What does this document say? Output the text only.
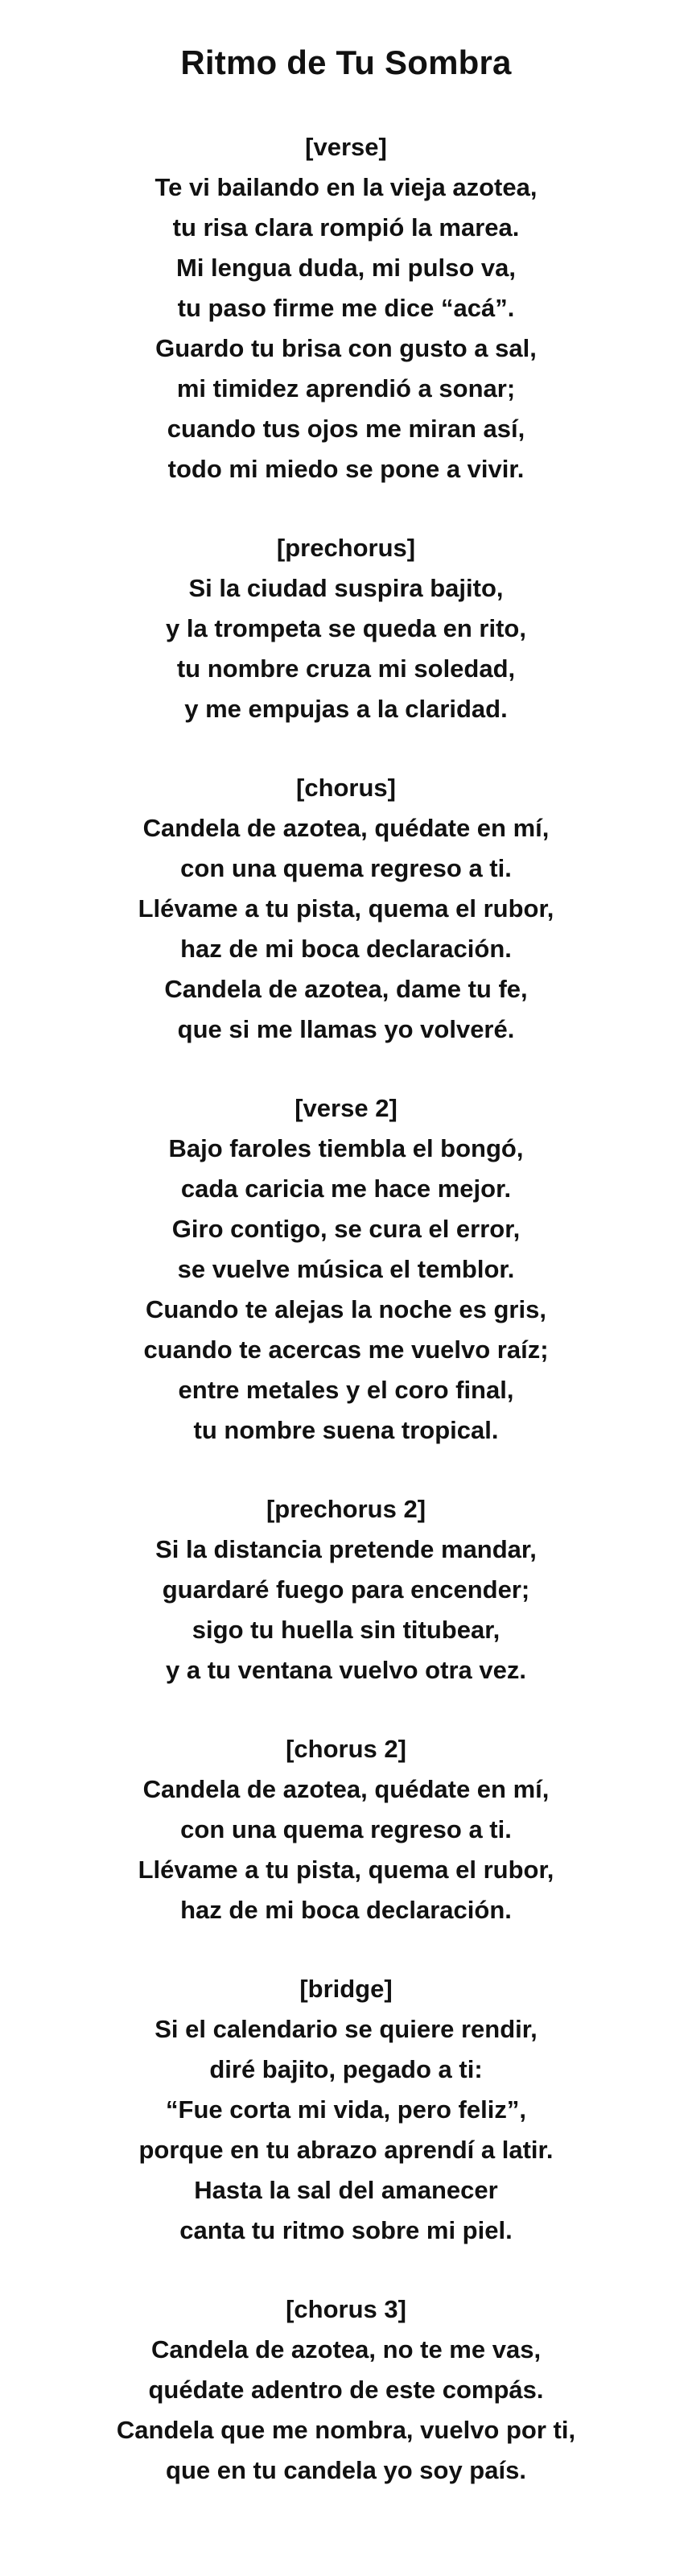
Ritmo de Tu Sombra
[verse]
Te vi bailando en la vieja azotea,
tu risa clara rompió la marea.
Mi lengua duda, mi pulso va,
tu paso firme me dice “acá”.
Guardo tu brisa con gusto a sal,
mi timidez aprendió a sonar;
cuando tus ojos me miran así,
todo mi miedo se pone a vivir.
[prechorus]
Si la ciudad suspira bajito,
y la trompeta se queda en rito,
tu nombre cruza mi soledad,
y me empujas a la claridad.
[chorus]
Candela de azotea, quédate en mí,
con una quema regreso a ti.
Llévame a tu pista, quema el rubor,
haz de mi boca declaración.
Candela de azotea, dame tu fe,
que si me llamas yo volveré.
[verse 2]
Bajo faroles tiembla el bongó,
cada caricia me hace mejor.
Giro contigo, se cura el error,
se vuelve música el temblor.
Cuando te alejas la noche es gris,
cuando te acercas me vuelvo raíz;
entre metales y el coro final,
tu nombre suena tropical.
[prechorus 2]
Si la distancia pretende mandar,
guardaré fuego para encender;
sigo tu huella sin titubear,
y a tu ventana vuelvo otra vez.
[chorus 2]
Candela de azotea, quédate en mí,
con una quema regreso a ti.
Llévame a tu pista, quema el rubor,
haz de mi boca declaración.
[bridge]
Si el calendario se quiere rendir,
diré bajito, pegado a ti:
“Fue corta mi vida, pero feliz”,
porque en tu abrazo aprendí a latir.
Hasta la sal del amanecer
canta tu ritmo sobre mi piel.
[chorus 3]
Candela de azotea, no te me vas,
quédate adentro de este compás.
Candela que me nombra, vuelvo por ti,
que en tu candela yo soy país.
